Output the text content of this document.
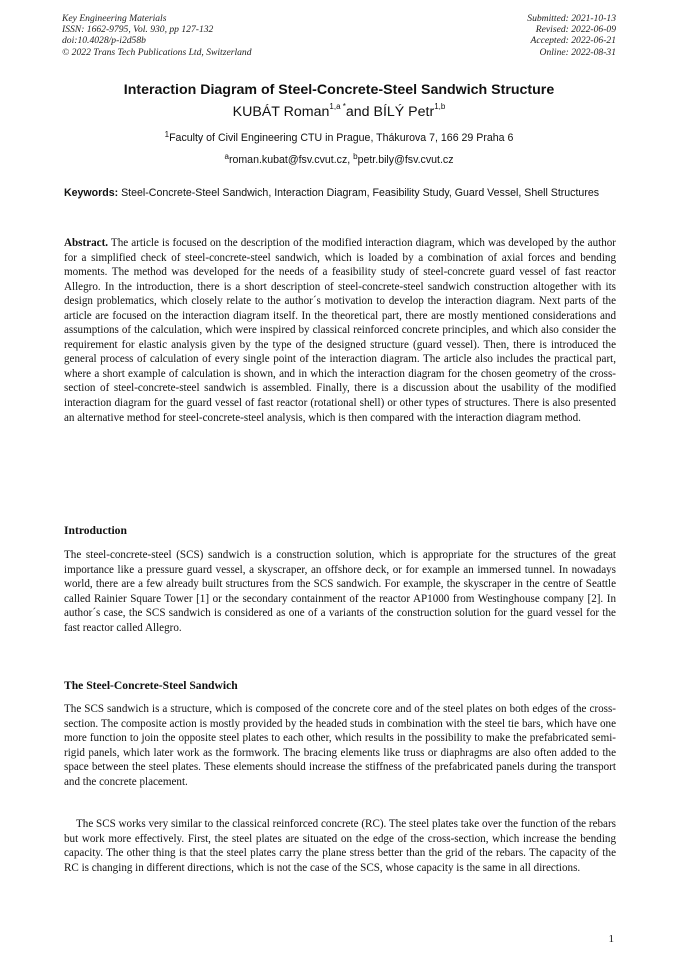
Key Engineering Materials
ISSN: 1662-9795, Vol. 930, pp 127-132
doi:10.4028/p-i2d58b
© 2022 Trans Tech Publications Ltd, Switzerland
Submitted: 2021-10-13
Revised: 2022-06-09
Accepted: 2022-06-21
Online: 2022-08-31
Interaction Diagram of Steel-Concrete-Steel Sandwich Structure
KUBÁT Roman$^{1,a *}$and BÍLÝ Petr$^{1,b}$
$^1$Faculty of Civil Engineering CTU in Prague, Thákurova 7, 166 29 Praha 6
$^a$roman.kubat@fsv.cvut.cz, $^b$petr.bily@fsv.cvut.cz
Keywords: Steel-Concrete-Steel Sandwich, Interaction Diagram, Feasibility Study, Guard Vessel, Shell Structures
Abstract. The article is focused on the description of the modified interaction diagram, which was developed by the author for a simplified check of steel-concrete-steel sandwich, which is loaded by a combination of axial forces and bending moments. The method was developed for the needs of a feasibility study of steel-concrete guard vessel of fast reactor Allegro. In the introduction, there is a short description of steel-concrete-steel sandwich construction altogether with its design problematics, which closely relate to the author´s motivation to develop the interaction diagram. Next parts of the article are focused on the interaction diagram itself. In the theoretical part, there are mostly mentioned considerations and assumptions of the calculation, which were inspired by classical reinforced concrete principles, and which also consider the requirement for elastic analysis given by the type of the designed structure (guard vessel). Then, there is introduced the general process of calculation of every single point of the interaction diagram. The article also includes the practical part, where a short example of calculation is shown, and in which the interaction diagram for the chosen geometry of the cross-section of steel-concrete-steel sandwich is assembled. Finally, there is a discussion about the usability of the modified interaction diagram for the guard vessel of fast reactor (rotational shell) or other types of structures. There is also presented an alternative method for steel-concrete-steel analysis, which is then compared with the interaction diagram method.
Introduction
The steel-concrete-steel (SCS) sandwich is a construction solution, which is appropriate for the structures of the great importance like a pressure guard vessel, a skyscraper, an offshore deck, or for example an immersed tunnel. In nowadays world, there are a few already built structures from the SCS sandwich. For example, the skyscraper in the centre of Seattle called Rainier Square Tower [1] or the secondary containment of the reactor AP1000 from Westinghouse company [2]. In author´s case, the SCS sandwich is considered as one of a variants of the construction solution for the guard vessel for the fast reactor called Allegro.
The Steel-Concrete-Steel Sandwich
The SCS sandwich is a structure, which is composed of the concrete core and of the steel plates on both edges of the cross-section. The composite action is mostly provided by the headed studs in combination with the steel tie bars, which have one more function to join the opposite steel plates to each other, which results in the possibility to make the prefabricated semi-rigid panels, which later work as the formwork. The bracing elements like truss or diaphragms are also often added to the space between the steel plates. These elements should increase the stiffness of the prefabricated panels during the transport and the concrete placement.
The SCS works very similar to the classical reinforced concrete (RC). The steel plates take over the function of the rebars but work more effectively. First, the steel plates are situated on the edge of the cross-section, which increase the bending capacity. The other thing is that the steel plates carry the plane stress better than the grid of the rebars. The capacity of the RC is changing in different directions, which is not the case of the SCS, whose capacity is the same in all directions.
1
